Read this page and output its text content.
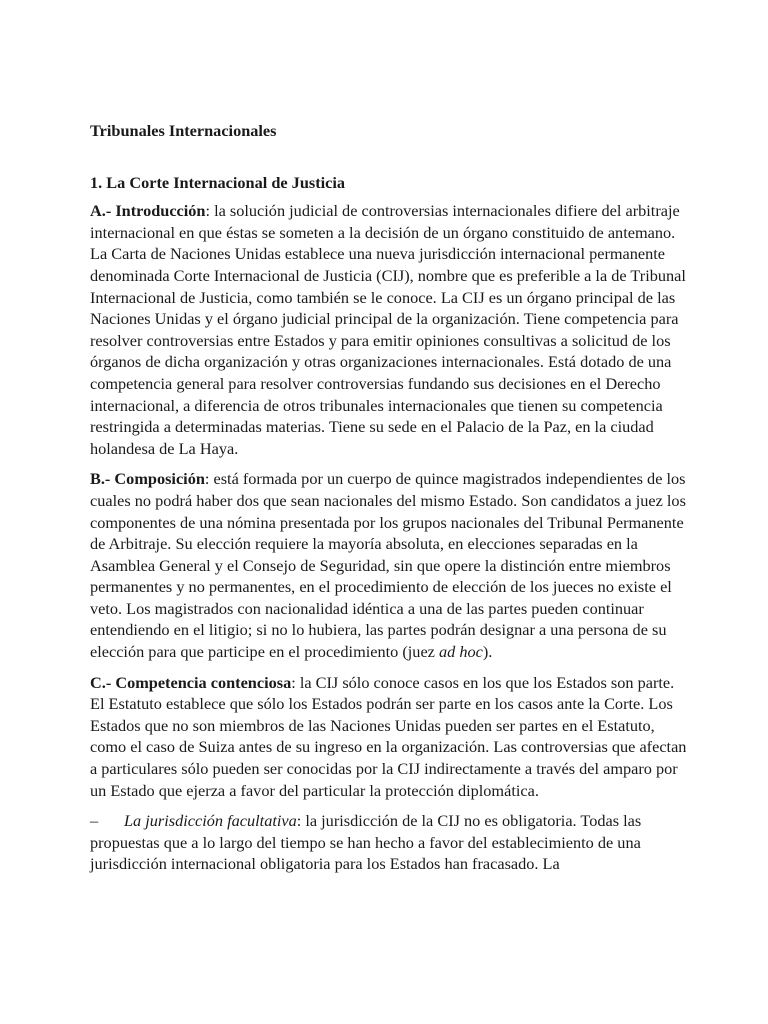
Tribunales Internacionales

1. La Corte Internacional de Justicia

A.- Introducción: la solución judicial de controversias internacionales difiere del arbitraje internacional en que éstas se someten a la decisión de un órgano constituido de antemano. La Carta de Naciones Unidas establece una nueva jurisdicción internacional permanente denominada Corte Internacional de Justicia (CIJ), nombre que es preferible a la de Tribunal Internacional de Justicia, como también se le conoce. La CIJ es un órgano principal de las Naciones Unidas y el órgano judicial principal de la organización. Tiene competencia para resolver controversias entre Estados y para emitir opiniones consultivas a solicitud de los órganos de dicha organización y otras organizaciones internacionales. Está dotado de una competencia general para resolver controversias fundando sus decisiones en el Derecho internacional, a diferencia de otros tribunales internacionales que tienen su competencia restringida a determinadas materias. Tiene su sede en el Palacio de la Paz, en la ciudad holandesa de La Haya.

B.- Composición: está formada por un cuerpo de quince magistrados independientes de los cuales no podrá haber dos que sean nacionales del mismo Estado. Son candidatos a juez los componentes de una nómina presentada por los grupos nacionales del Tribunal Permanente de Arbitraje. Su elección requiere la mayoría absoluta, en elecciones separadas en la Asamblea General y el Consejo de Seguridad, sin que opere la distinción entre miembros permanentes y no permanentes, en el procedimiento de elección de los jueces no existe el veto. Los magistrados con nacionalidad idéntica a una de las partes pueden continuar entendiendo en el litigio; si no lo hubiera, las partes podrán designar a una persona de su elección para que participe en el procedimiento (juez ad hoc).

C.- Competencia contenciosa: la CIJ sólo conoce casos en los que los Estados son parte. El Estatuto establece que sólo los Estados podrán ser parte en los casos ante la Corte. Los Estados que no son miembros de las Naciones Unidas pueden ser partes en el Estatuto, como el caso de Suiza antes de su ingreso en la organización. Las controversias que afectan a particulares sólo pueden ser conocidas por la CIJ indirectamente a través del amparo por un Estado que ejerza a favor del particular la protección diplomática.

– La jurisdicción facultativa: la jurisdicción de la CIJ no es obligatoria. Todas las propuestas que a lo largo del tiempo se han hecho a favor del establecimiento de una jurisdicción internacional obligatoria para los Estados han fracasado. La
